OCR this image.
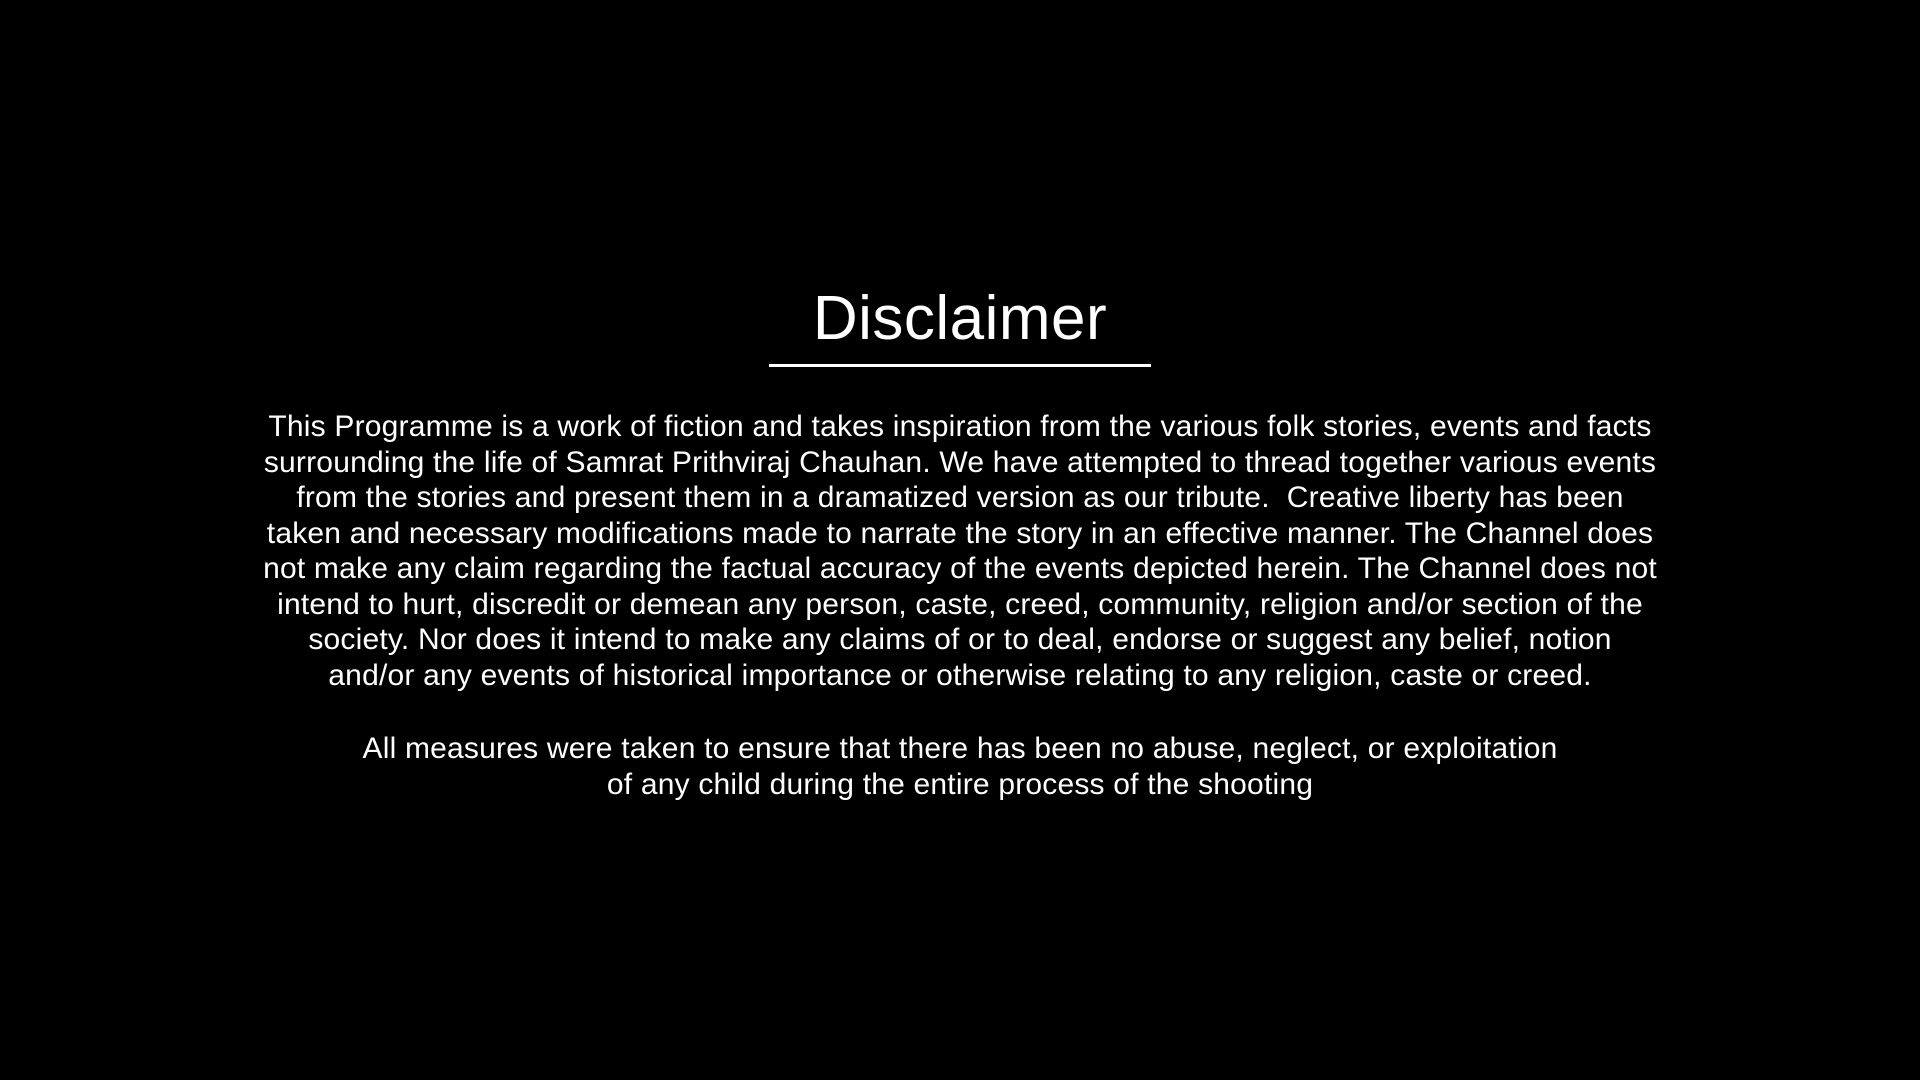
Disclaimer
This Programme is a work of fiction and takes inspiration from the various folk stories, events and facts
surrounding the life of Samrat Prithviraj Chauhan. We have attempted to thread together various events
from the stories and present them in a dramatized version as our tribute.  Creative liberty has been
taken and necessary modifications made to narrate the story in an effective manner. The Channel does
not make any claim regarding the factual accuracy of the events depicted herein. The Channel does not
intend to hurt, discredit or demean any person, caste, creed, community, religion and/or section of the
society. Nor does it intend to make any claims of or to deal, endorse or suggest any belief, notion
and/or any events of historical importance or otherwise relating to any religion, caste or creed.
All measures were taken to ensure that there has been no abuse, neglect, or exploitation
of any child during the entire process of the shooting
